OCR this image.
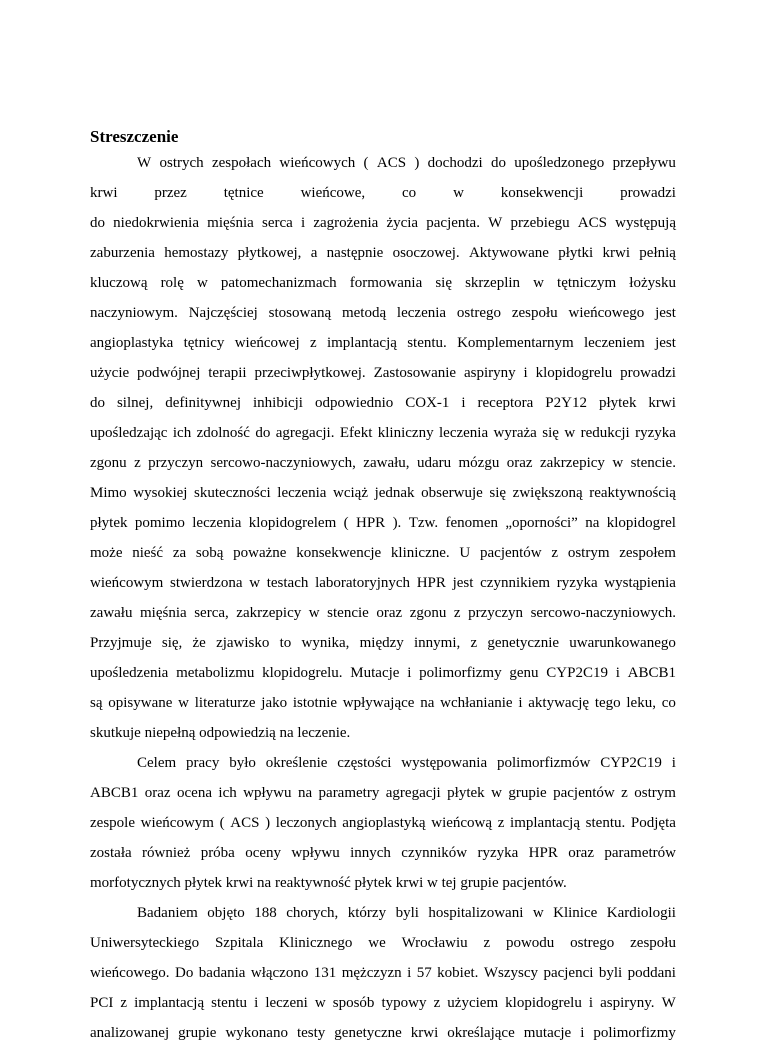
Streszczenie
W ostrych zespołach wieńcowych ( ACS ) dochodzi do upośledzonego przepływu
krwi przez tętnice wieńcowe, co w konsekwencji prowadzi
do niedokrwienia mięśnia serca i zagrożenia życia pacjenta. W przebiegu ACS występują
zaburzenia hemostazy płytkowej, a następnie osoczowej. Aktywowane płytki krwi pełnią
kluczową rolę w patomechanizmach formowania się skrzeplin w tętniczym łożysku
naczyniowym. Najczęściej stosowaną metodą leczenia ostrego zespołu wieńcowego jest
angioplastyka tętnicy wieńcowej z implantacją stentu. Komplementarnym leczeniem jest
użycie podwójnej terapii przeciwpłytkowej. Zastosowanie aspiryny i klopidogrelu prowadzi
do silnej, definitywnej inhibicji odpowiednio COX-1 i receptora P2Y12 płytek krwi
upośledzając ich zdolność do agregacji. Efekt kliniczny leczenia wyraża się w redukcji ryzyka
zgonu z przyczyn sercowo-naczyniowych, zawału, udaru mózgu oraz zakrzepicy w stencie.
Mimo wysokiej skuteczności leczenia wciąż jednak obserwuje się zwiększoną reaktywnością
płytek pomimo leczenia klopidogrelem ( HPR ). Tzw. fenomen „oporności” na klopidogrel
może nieść za sobą poważne konsekwencje kliniczne. U pacjentów z ostrym zespołem
wieńcowym stwierdzona w testach laboratoryjnych HPR jest czynnikiem ryzyka wystąpienia
zawału mięśnia serca, zakrzepicy w stencie oraz zgonu z przyczyn sercowo-naczyniowych.
Przyjmuje się, że zjawisko to wynika, między innymi, z genetycznie uwarunkowanego
upośledzenia metabolizmu klopidogrelu. Mutacje i polimorfizmy genu CYP2C19 i ABCB1
są opisywane w literaturze jako istotnie wpływające na wchłanianie i aktywację tego leku, co
skutkuje niepełną odpowiedzią na leczenie.
Celem pracy było określenie częstości występowania polimorfizmów CYP2C19 i
ABCB1 oraz ocena ich wpływu na parametry agregacji płytek w grupie pacjentów z ostrym
zespole wieńcowym ( ACS ) leczonych angioplastyką wieńcową z implantacją stentu. Podjęta
została również próba oceny wpływu innych czynników ryzyka HPR oraz parametrów
morfotycznych płytek krwi na reaktywność płytek krwi w tej grupie pacjentów.
Badaniem objęto 188 chorych, którzy byli hospitalizowani w Klinice Kardiologii
Uniwersyteckiego Szpitala Klinicznego we Wrocławiu z powodu ostrego zespołu
wieńcowego. Do badania włączono 131 mężczyzn i 57 kobiet. Wszyscy pacjenci byli poddani
PCI z implantacją stentu i leczeni w sposób typowy z użyciem klopidogrelu i aspiryny. W
analizowanej grupie wykonano testy genetyczne krwi określające mutacje i polimorfizmy
